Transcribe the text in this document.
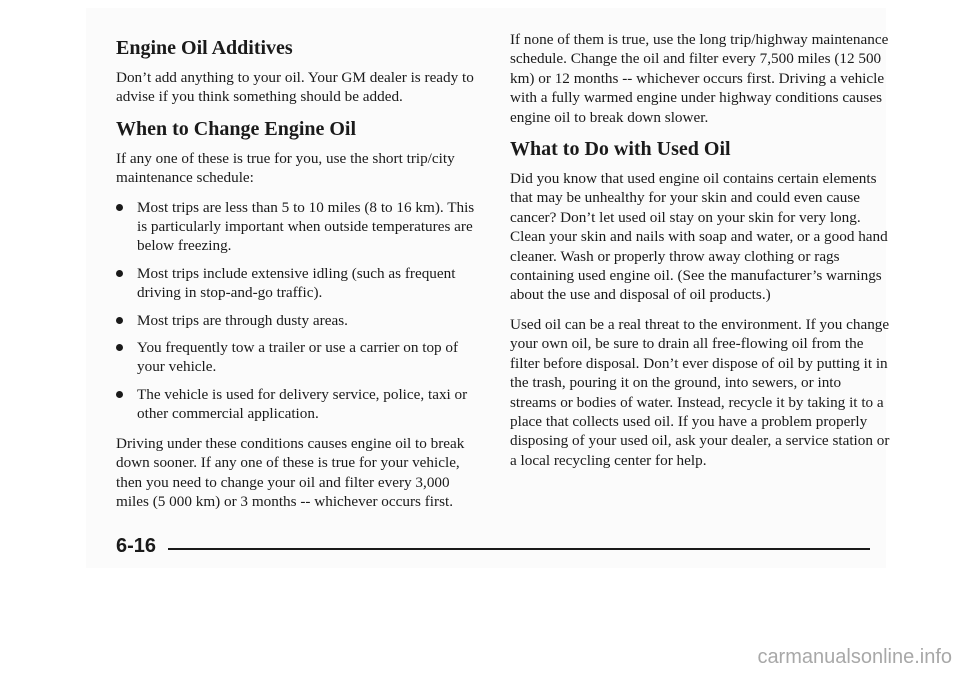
Engine Oil Additives

Don’t add anything to your oil. Your GM dealer is ready to advise if you think something should be added.

When to Change Engine Oil

If any one of these is true for you, use the short trip/city maintenance schedule:

Most trips are less than 5 to 10 miles (8 to 16 km). This is particularly important when outside temperatures are below freezing.
Most trips include extensive idling (such as frequent driving in stop-and-go traffic).
Most trips are through dusty areas.
You frequently tow a trailer or use a carrier on top of your vehicle.
The vehicle is used for delivery service, police, taxi or other commercial application.

Driving under these conditions causes engine oil to break down sooner. If any one of these is true for your vehicle, then you need to change your oil and filter every 3,000 miles (5 000 km) or 3 months -- whichever occurs first.

If none of them is true, use the long trip/highway maintenance schedule. Change the oil and filter every 7,500 miles (12 500 km) or 12 months -- whichever occurs first. Driving a vehicle with a fully warmed engine under highway conditions causes engine oil to break down slower.

What to Do with Used Oil

Did you know that used engine oil contains certain elements that may be unhealthy for your skin and could even cause cancer? Don’t let used oil stay on your skin for very long. Clean your skin and nails with soap and water, or a good hand cleaner. Wash or properly throw away clothing or rags containing used engine oil. (See the manufacturer’s warnings about the use and disposal of oil products.)

Used oil can be a real threat to the environment. If you change your own oil, be sure to drain all free-flowing oil from the filter before disposal. Don’t ever dispose of oil by putting it in the trash, pouring it on the ground, into sewers, or into streams or bodies of water. Instead, recycle it by taking it to a place that collects used oil. If you have a problem properly disposing of your used oil, ask your dealer, a service station or a local recycling center for help.

6-16
carmanualsonline.info
